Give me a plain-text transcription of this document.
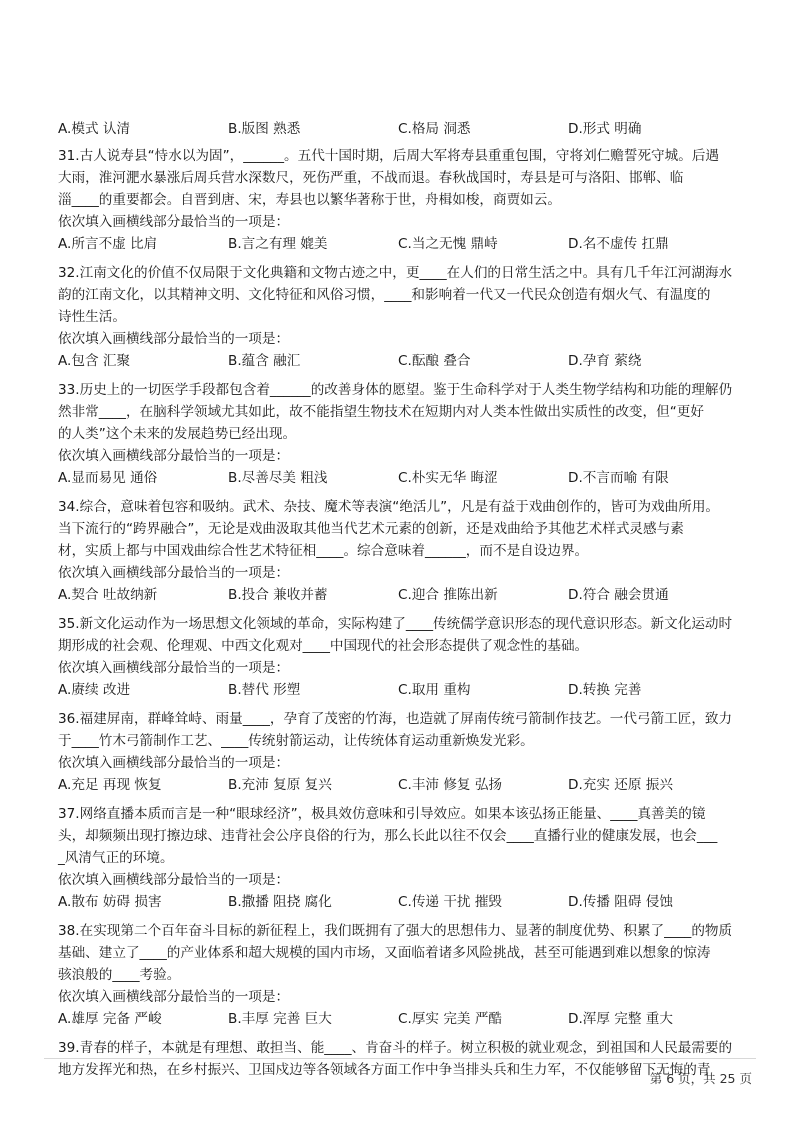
A.模式 认清	B.版图 熟悉	C.格局 洞悉	D.形式 明确
31.古人说寿县“恃水以为固”，______。五代十国时期，后周大军将寿县重重包围，守将刘仁赡誓死守城。后遇
大雨，淮河淝水暴涨后周兵营水深数尺，死伤严重，不战而退。春秋战国时，寿县是可与洛阳、邯郸、临
淄____的重要都会。自晋到唐、宋，寿县也以繁华著称于世，舟楫如梭，商贾如云。
依次填入画横线部分最恰当的一项是：
A.所言不虚 比肩	B.言之有理 媲美	C.当之无愧 鼎峙	D.名不虚传 扛鼎
32.江南文化的价值不仅局限于文化典籍和文物古迹之中，更____在人们的日常生活之中。具有几千年江河湖海水
韵的江南文化，以其精神文明、文化特征和风俗习惯，____和影响着一代又一代民众创造有烟火气、有温度的
诗性生活。
依次填入画横线部分最恰当的一项是：
A.包含 汇聚	B.蕴含 融汇	C.酝酿 叠合	D.孕育 萦绕
33.历史上的一切医学手段都包含着______的改善身体的愿望。鉴于生命科学对于人类生物学结构和功能的理解仍
然非常____，在脑科学领域尤其如此，故不能指望生物技术在短期内对人类本性做出实质性的改变，但“更好
的人类”这个未来的发展趋势已经出现。
依次填入画横线部分最恰当的一项是：
A.显而易见 通俗	B.尽善尽美 粗浅	C.朴实无华 晦涩	D.不言而喻 有限
34.综合，意味着包容和吸纳。武术、杂技、魔术等表演“绝活儿”，凡是有益于戏曲创作的，皆可为戏曲所用。
当下流行的“跨界融合”，无论是戏曲汲取其他当代艺术元素的创新，还是戏曲给予其他艺术样式灵感与素
材，实质上都与中国戏曲综合性艺术特征相____。综合意味着______，而不是自设边界。
依次填入画横线部分最恰当的一项是：
A.契合 吐故纳新	B.投合 兼收并蓄	C.迎合 推陈出新	D.符合 融会贯通
35.新文化运动作为一场思想文化领域的革命，实际构建了____传统儒学意识形态的现代意识形态。新文化运动时
期形成的社会观、伦理观、中西文化观对____中国现代的社会形态提供了观念性的基础。
依次填入画横线部分最恰当的一项是：
A.赓续 改进	B.替代 形塑	C.取用 重构	D.转换 完善
36.福建屏南，群峰耸峙、雨量____，孕育了茂密的竹海，也造就了屏南传统弓箭制作技艺。一代弓箭工匠，致力
于____竹木弓箭制作工艺、____传统射箭运动，让传统体育运动重新焕发光彩。
依次填入画横线部分最恰当的一项是：
A.充足 再现 恢复	B.充沛 复原 复兴	C.丰沛 修复 弘扬	D.充实 还原 振兴
37.网络直播本质而言是一种“眼球经济”，极具效仿意味和引导效应。如果本该弘扬正能量、____真善美的镜
头，却频频出现打擦边球、违背社会公序良俗的行为，那么长此以往不仅会____直播行业的健康发展，也会___
_风清气正的环境。
依次填入画横线部分最恰当的一项是：
A.散布 妨碍 损害	B.撒播 阻挠 腐化	C.传递 干扰 摧毁	D.传播 阻碍 侵蚀
38.在实现第二个百年奋斗目标的新征程上，我们既拥有了强大的思想伟力、显著的制度优势、积累了____的物质
基础、建立了____的产业体系和超大规模的国内市场，又面临着诸多风险挑战，甚至可能遇到难以想象的惊涛
骇浪般的____考验。
依次填入画横线部分最恰当的一项是：
A.雄厚 完备 严峻	B.丰厚 完善 巨大	C.厚实 完美 严酷	D.浑厚 完整 重大
39.青春的样子，本就是有理想、敢担当、能____、肯奋斗的样子。树立积极的就业观念，到祖国和人民最需要的
地方发挥光和热，在乡村振兴、卫国戍边等各领域各方面工作中争当排头兵和生力军，不仅能够留下无悔的青
第 6 页，共 25 页
